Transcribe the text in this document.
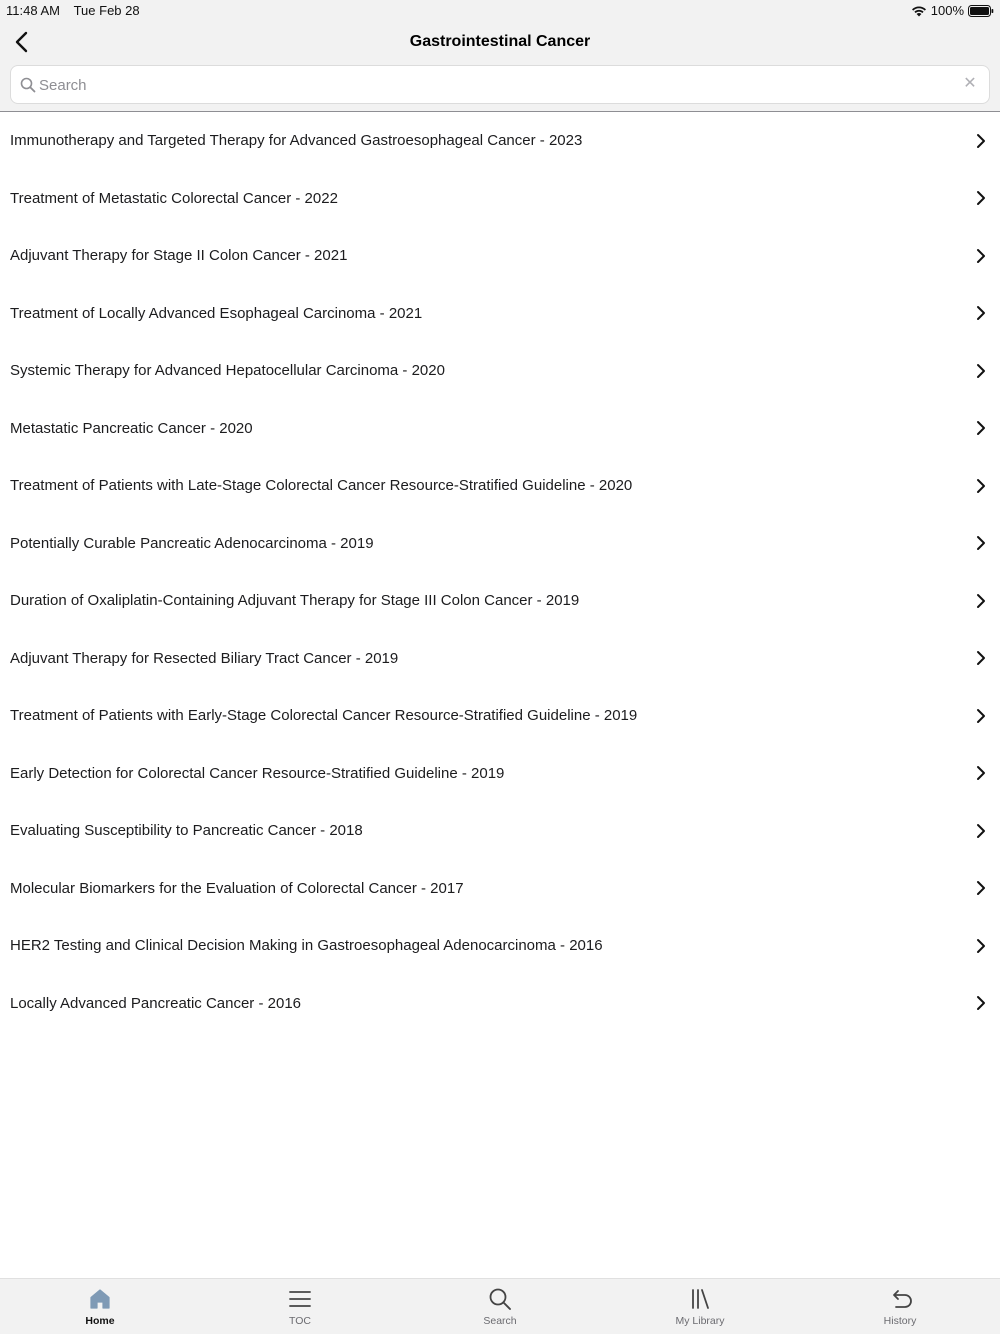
11:48 AM Tue Feb 28	100%
Gastrointestinal Cancer
Search
✕
Immunotherapy and Targeted Therapy for Advanced Gastroesophageal Cancer - 2023
Treatment of Metastatic Colorectal Cancer - 2022
Adjuvant Therapy for Stage II Colon Cancer - 2021
Treatment of Locally Advanced Esophageal Carcinoma - 2021
Systemic Therapy for Advanced Hepatocellular Carcinoma - 2020
Metastatic Pancreatic Cancer - 2020
Treatment of Patients with Late-Stage Colorectal Cancer Resource-Stratified Guideline - 2020
Potentially Curable Pancreatic Adenocarcinoma - 2019
Duration of Oxaliplatin-Containing Adjuvant Therapy for Stage III Colon Cancer - 2019
Adjuvant Therapy for Resected Biliary Tract Cancer - 2019
Treatment of Patients with Early-Stage Colorectal Cancer Resource-Stratified Guideline - 2019
Early Detection for Colorectal Cancer Resource-Stratified Guideline - 2019
Evaluating Susceptibility to Pancreatic Cancer - 2018
Molecular Biomarkers for the Evaluation of Colorectal Cancer - 2017
HER2 Testing and Clinical Decision Making in Gastroesophageal Adenocarcinoma - 2016
Locally Advanced Pancreatic Cancer - 2016
Home	TOC	Search	My Library	History
